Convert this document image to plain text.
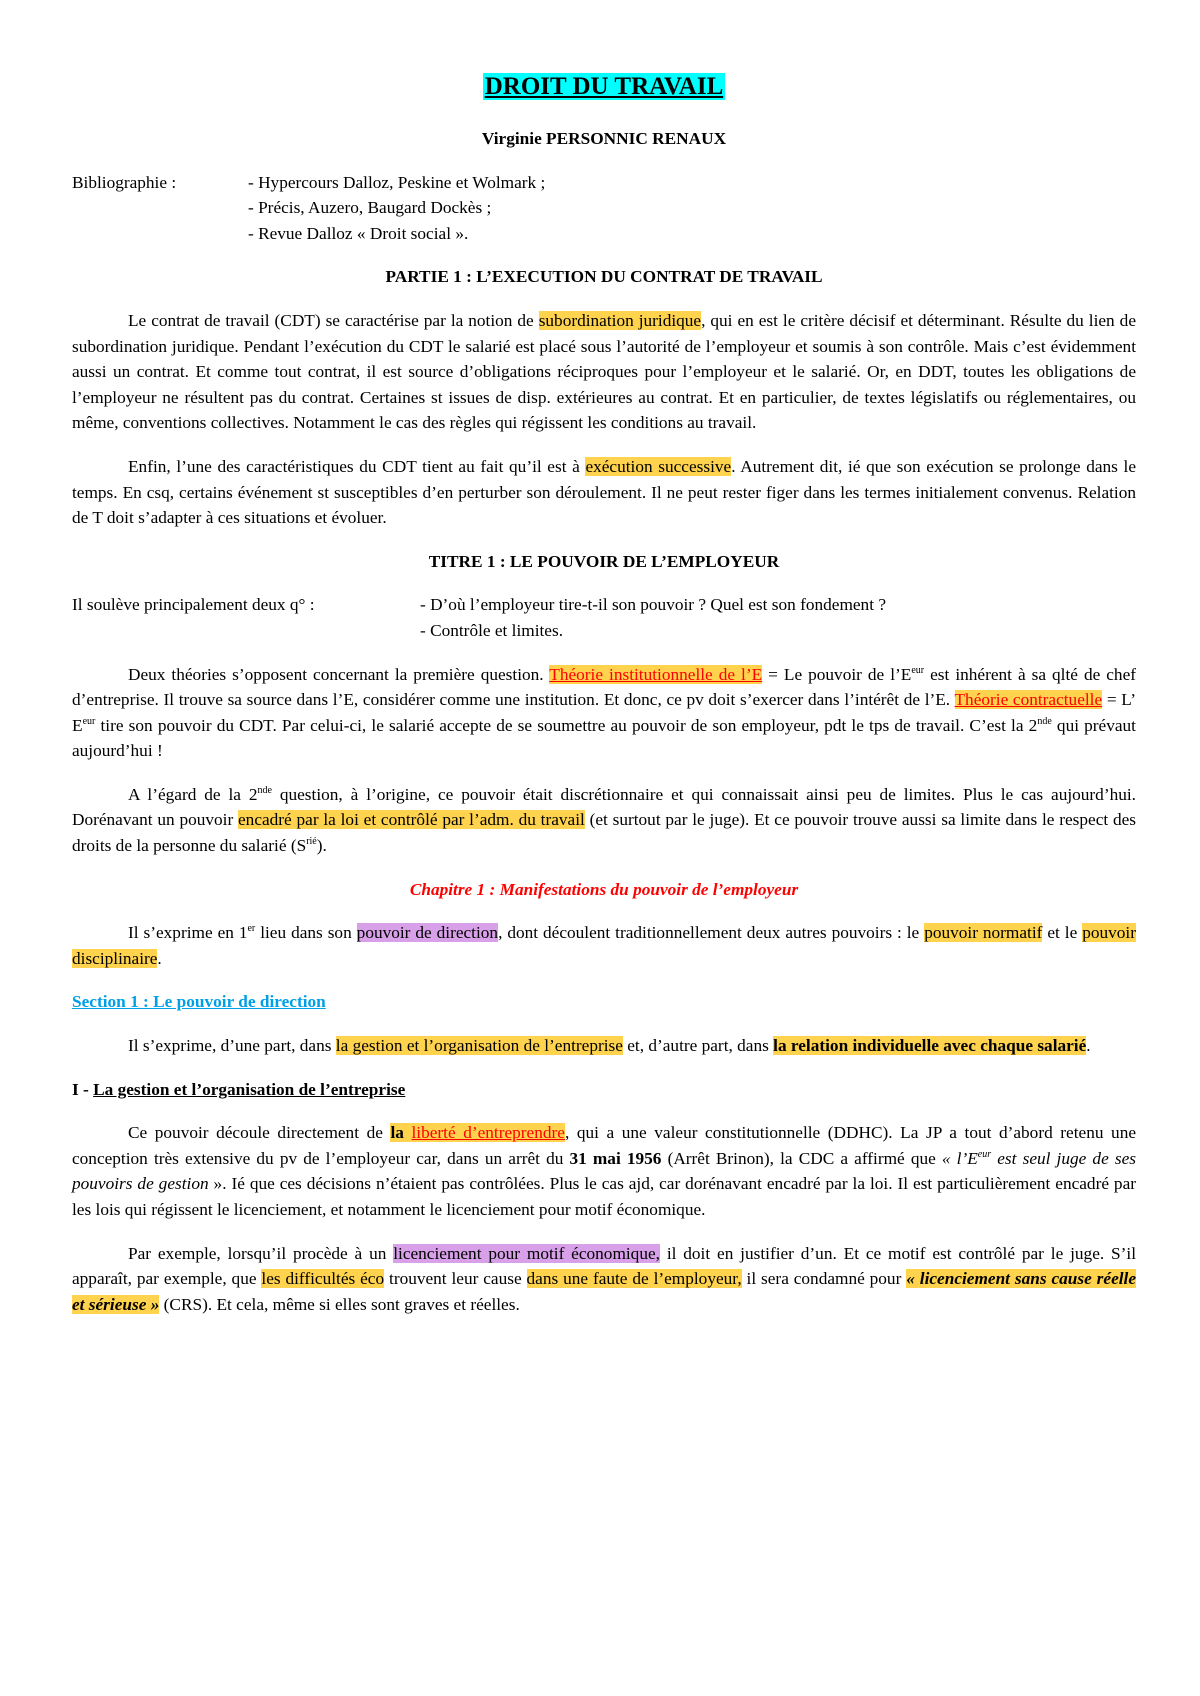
DROIT DU TRAVAIL
Virginie PERSONNIC RENAUX
Bibliographie :	- Hypercours Dalloz, Peskine et Wolmark ;
- Précis, Auzero, Baugard Dockès ;
- Revue Dalloz « Droit social ».
PARTIE 1 : L’EXECUTION DU CONTRAT DE TRAVAIL

Le contrat de travail (CDT) se caractérise par la notion de subordination juridique, qui en est le critère décisif et déterminant. Résulte du lien de subordination juridique. Pendant l’exécution du CDT le salarié est placé sous l’autorité de l’employeur et soumis à son contrôle. Mais c’est évidemment aussi un contrat. Et comme tout contrat, il est source d’obligations réciproques pour l’employeur et le salarié. Or, en DDT, toutes les obligations de l’employeur ne résultent pas du contrat. Certaines st issues de disp. extérieures au contrat. Et en particulier, de textes législatifs ou réglementaires, ou même, conventions collectives. Notamment le cas des règles qui régissent les conditions au travail.

Enfin, l’une des caractéristiques du CDT tient au fait qu’il est à exécution successive. Autrement dit, ié que son exécution se prolonge dans le temps. En csq, certains événement st susceptibles d’en perturber son déroulement. Il ne peut rester figer dans les termes initialement convenus. Relation de T doit s’adapter à ces situations et évoluer.

TITRE 1 : LE POUVOIR DE L’EMPLOYEUR
Il soulève principalement deux q° :	- D’où l’employeur tire-t-il son pouvoir ? Quel est son fondement ?
- Contrôle et limites.

Deux théories s’opposent concernant la première question. Théorie institutionnelle de l’E = Le pouvoir de $l’E^{eur}$ est inhérent à sa qlté de chef d’entreprise. Il trouve sa source dans l’E, considérer comme une institution. Et donc, ce pv doit s’exercer dans l’intérêt de l’E. Théorie contractuelle = L’ $E^{eur}$ tire son pouvoir du CDT. Par celui-ci, le salarié accepte de se soumettre au pouvoir de son employeur, pdt le tps de travail. C’est la 2nde qui prévaut aujourd’hui !

A l’égard de la 2nde question, à l’origine, ce pouvoir était discrétionnaire et qui connaissait ainsi peu de limites. Plus le cas aujourd’hui. Dorénavant un pouvoir encadré par la loi et contrôlé par l’adm. du travail (et surtout par le juge). Et ce pouvoir trouve aussi sa limite dans le respect des droits de la personne du salarié $(S^{rié})$.

Chapitre 1 : Manifestations du pouvoir de l’employeur

Il s’exprime en 1er lieu dans son pouvoir de direction, dont découlent traditionnellement deux autres pouvoirs : le pouvoir normatif et le pouvoir disciplinaire.

Section 1 : Le pouvoir de direction

Il s’exprime, d’une part, dans la gestion et l’organisation de l’entreprise et, d’autre part, dans la relation individuelle avec chaque salarié.

I - La gestion et l’organisation de l’entreprise

Ce pouvoir découle directement de la liberté d’entreprendre, qui a une valeur constitutionnelle (DDHC). La JP a tout d’abord retenu une conception très extensive du pv de l’employeur car, dans un arrêt du 31 mai 1956 (Arrêt Brinon), la CDC a affirmé que « $l’E^{eur}$ est seul juge de ses pouvoirs de gestion ». Ié que ces décisions n’étaient pas contrôlées. Plus le cas ajd, car dorénavant encadré par la loi. Il est particulièrement encadré par les lois qui régissent le licenciement, et notamment le licenciement pour motif économique.

Par exemple, lorsqu’il procède à un licenciement pour motif économique, il doit en justifier d’un. Et ce motif est contrôlé par le juge. S’il apparaît, par exemple, que les difficultés éco trouvent leur cause dans une faute de l’employeur, il sera condamné pour « licenciement sans cause réelle et sérieuse » (CRS). Et cela, même si elles sont graves et réelles.
